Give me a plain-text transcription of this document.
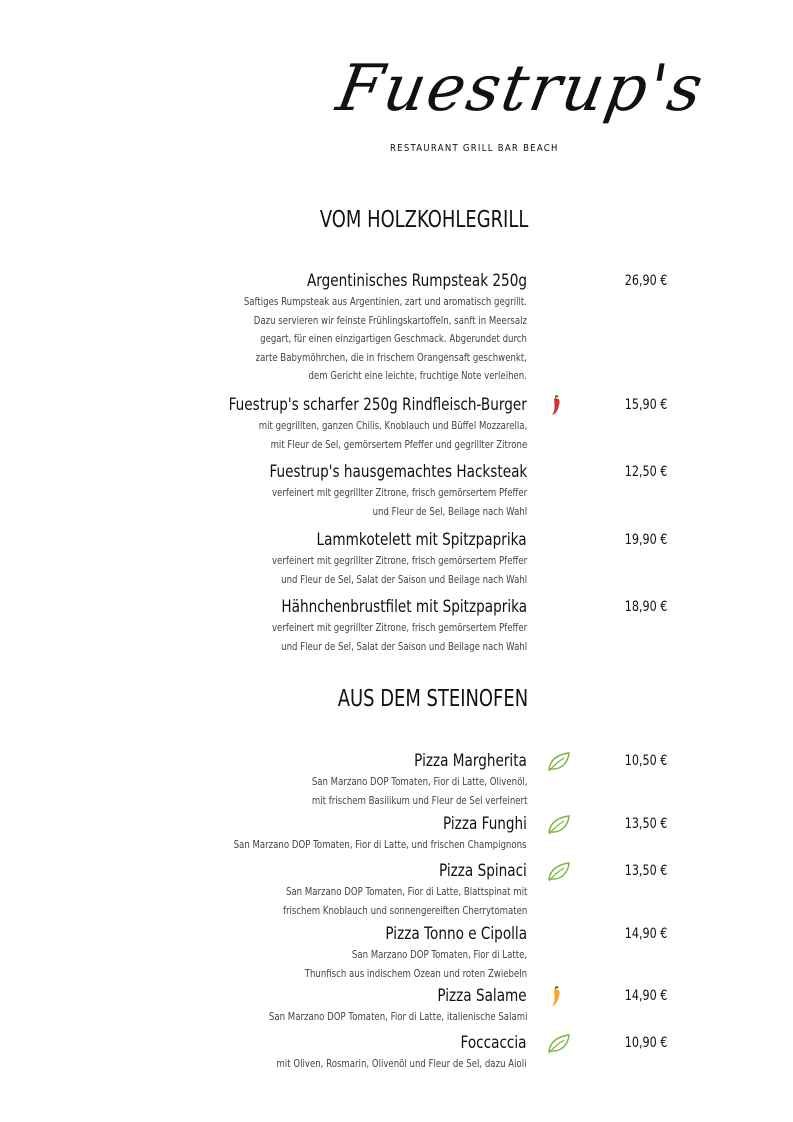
Fuestrup's
RESTAURANT GRILL BAR BEACH
VOM HOLZKOHLEGRILL
Argentinisches Rumpsteak 250g
Saftiges Rumpsteak aus Argentinien, zart und aromatisch gegrillt.
Dazu servieren wir feinste Frühlingskartoffeln, sanft in Meersalz
gegart, für einen einzigartigen Geschmack. Abgerundet durch
zarte Babymöhrchen, die in frischem Orangensaft geschwenkt,
dem Gericht eine leichte, fruchtige Note verleihen.
26,90 €
Fuestrup's scharfer 250g Rindfleisch-Burger
mit gegrillten, ganzen Chilis, Knoblauch und Büffel Mozzarella,
mit Fleur de Sel, gemörsertem Pfeffer und gegrillter Zitrone
15,90 €
Fuestrup's hausgemachtes Hacksteak
verfeinert mit gegrillter Zitrone, frisch gemörsertem Pfeffer
und Fleur de Sel, Beilage nach Wahl
12,50 €
Lammkotelett mit Spitzpaprika
verfeinert mit gegrillter Zitrone, frisch gemörsertem Pfeffer
und Fleur de Sel, Salat der Saison und Beilage nach Wahl
19,90 €
Hähnchenbrustfilet mit Spitzpaprika
verfeinert mit gegrillter Zitrone, frisch gemörsertem Pfeffer
und Fleur de Sel, Salat der Saison und Beilage nach Wahl
18,90 €
AUS DEM STEINOFEN
Pizza Margherita
San Marzano DOP Tomaten, Fior di Latte, Olivenöl,
mit frischem Basilikum und Fleur de Sel verfeinert
10,50 €
Pizza Funghi
San Marzano DOP Tomaten, Fior di Latte, und frischen Champignons
13,50 €
Pizza Spinaci
San Marzano DOP Tomaten, Fior di Latte, Blattspinat mit
frischem Knoblauch und sonnengereiften Cherrytomaten
13,50 €
Pizza Tonno e Cipolla
San Marzano DOP Tomaten, Fior di Latte,
Thunfisch aus indischem Ozean und roten Zwiebeln
14,90 €
Pizza Salame
San Marzano DOP Tomaten, Fior di Latte, italienische Salami
14,90 €
Foccaccia
mit Oliven, Rosmarin, Olivenöl und Fleur de Sel, dazu Aioli
10,90 €
